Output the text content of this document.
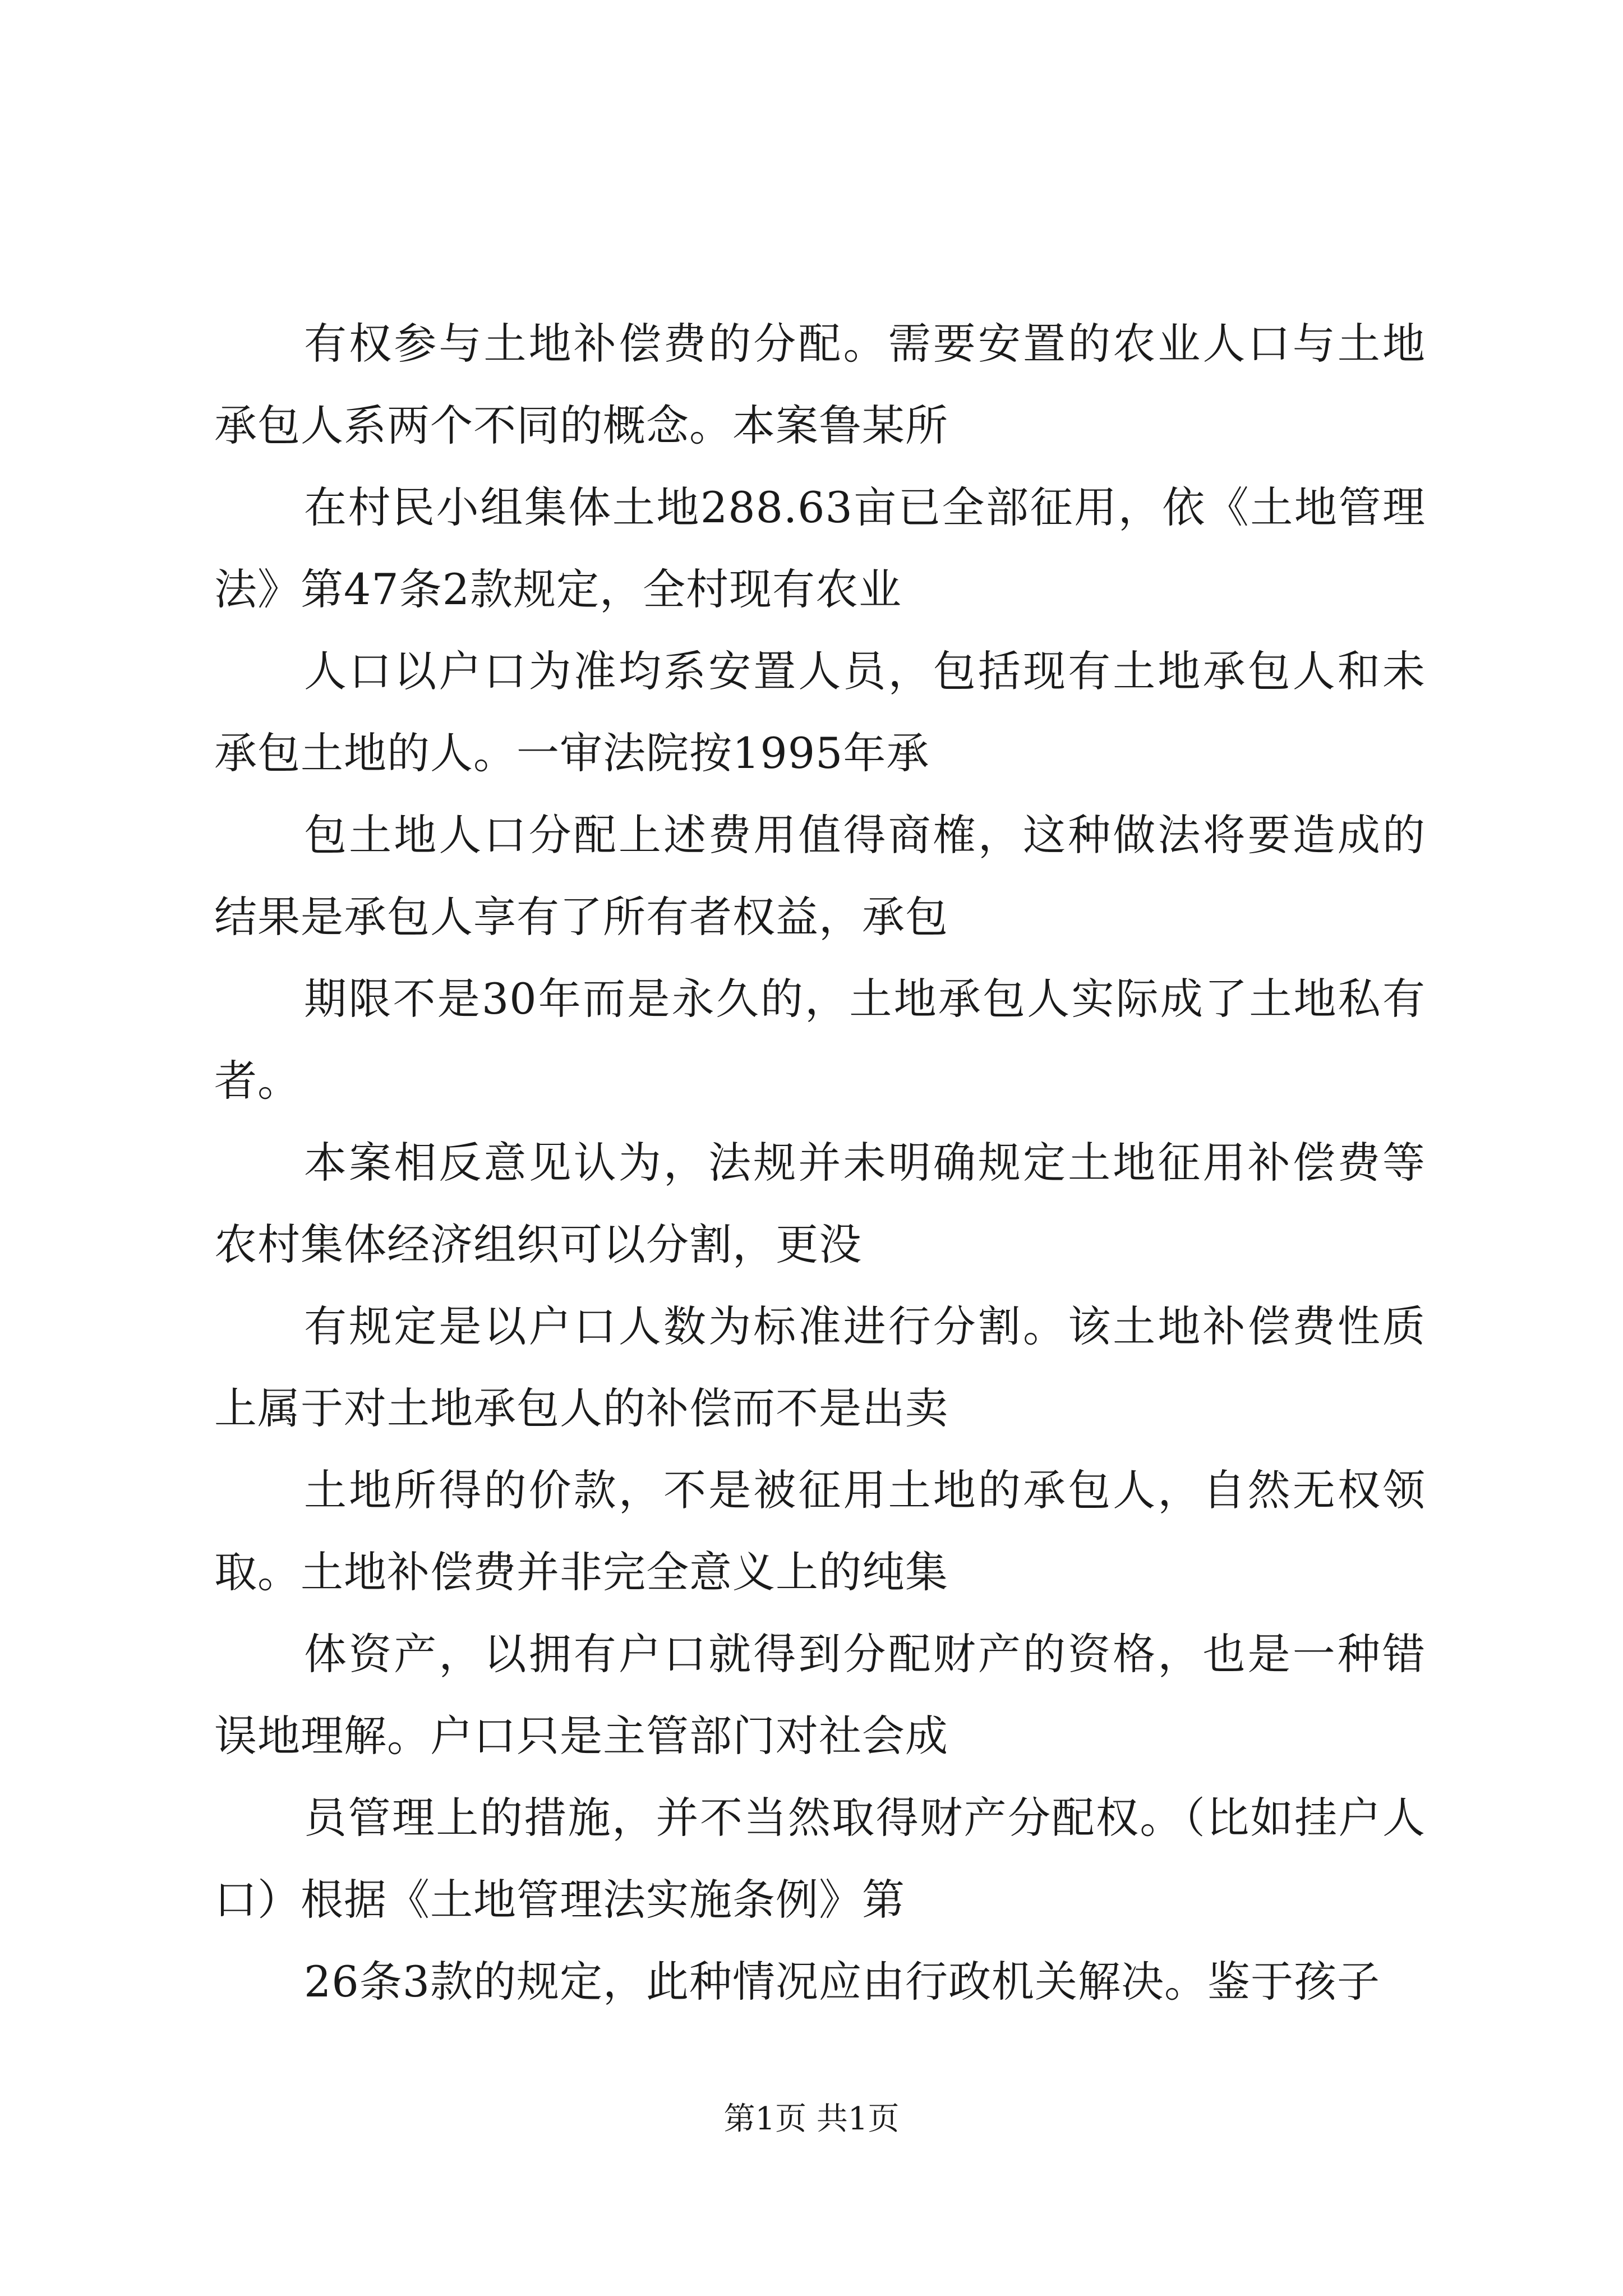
有权参与土地补偿费的分配。需要安置的农业人口与土地承包人系两个不同的概念。本案鲁某所

在村民小组集体土地288.63亩已全部征用，依《土地管理法》第47条2款规定，全村现有农业

人口以户口为准均系安置人员，包括现有土地承包人和未承包土地的人。一审法院按1995年承

包土地人口分配上述费用值得商榷，这种做法将要造成的结果是承包人享有了所有者权益，承包

期限不是30年而是永久的，土地承包人实际成了土地私有者。

本案相反意见认为，法规并未明确规定土地征用补偿费等农村集体经济组织可以分割，更没

有规定是以户口人数为标准进行分割。该土地补偿费性质上属于对土地承包人的补偿而不是出卖

土地所得的价款，不是被征用土地的承包人，自然无权领取。土地补偿费并非完全意义上的纯集

体资产，以拥有户口就得到分配财产的资格，也是一种错误地理解。户口只是主管部门对社会成

员管理上的措施，并不当然取得财产分配权。（比如挂户人口）根据《土地管理法实施条例》第

26条3款的规定，此种情况应由行政机关解决。鉴于孩子

第1页 共1页
